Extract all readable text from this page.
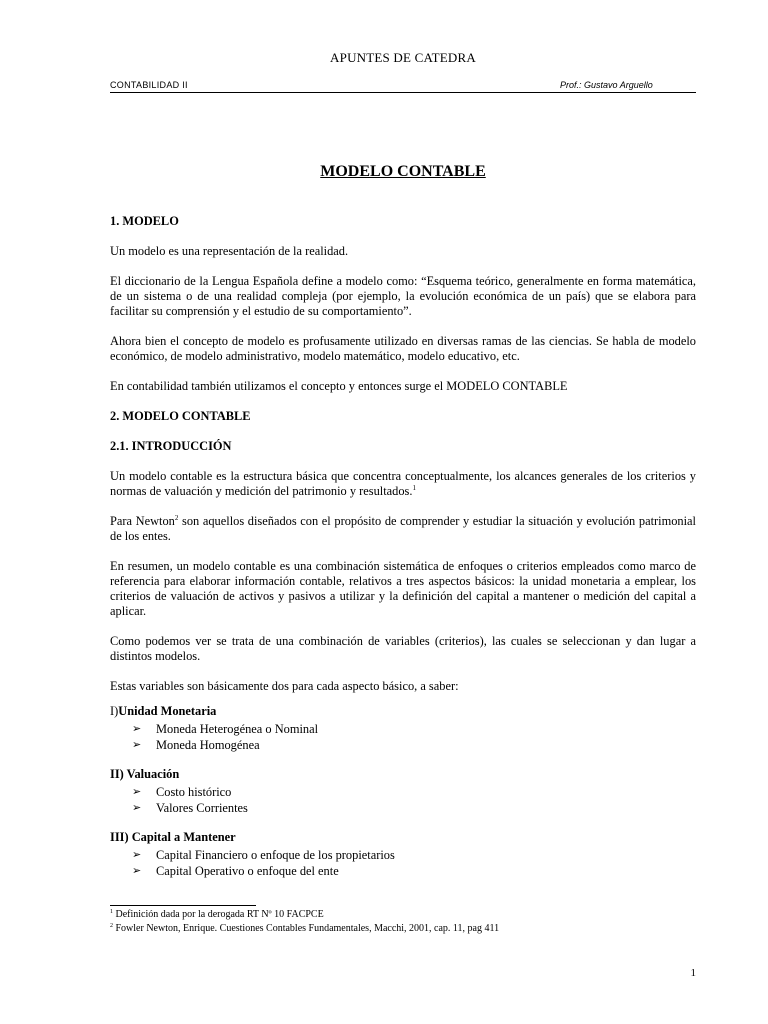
APUNTES DE CATEDRA
CONTABILIDAD II	Prof.: Gustavo Arguello
MODELO CONTABLE
1. MODELO

Un modelo es una representación de la realidad.

El diccionario de la Lengua Española define a modelo como: “Esquema teórico, generalmente en forma matemática, de un sistema o de una realidad compleja (por ejemplo, la evolución económica de un país) que se elabora para facilitar su comprensión y el estudio de su comportamiento”.

Ahora bien el concepto de modelo es profusamente utilizado en diversas ramas de las ciencias. Se habla de modelo económico, de modelo administrativo, modelo matemático, modelo educativo, etc.

En contabilidad también utilizamos el concepto y entonces surge el MODELO CONTABLE

2. MODELO CONTABLE
2.1. INTRODUCCIÓN

Un modelo contable es la estructura básica que concentra conceptualmente, los alcances generales de los criterios y normas de valuación y medición del patrimonio y resultados.$^1$

Para Newton$^2$ son aquellos diseñados con el propósito de comprender y estudiar la situación y evolución patrimonial de los entes.

En resumen, un modelo contable es una combinación sistemática de enfoques o criterios empleados como marco de referencia para elaborar información contable, relativos a tres aspectos básicos: la unidad monetaria a emplear, los criterios de valuación de activos y pasivos a utilizar y la definición del capital a mantener o medición del capital a aplicar.

Como podemos ver se trata de una combinación de variables (criterios), las cuales se seleccionan y dan lugar a distintos modelos.

Estas variables son básicamente dos para cada aspecto básico, a saber:

I)Unidad Monetaria
➢ Moneda Heterogénea o Nominal
➢ Moneda Homogénea
II) Valuación
➢ Costo histórico
➢ Valores Corrientes
III) Capital a Mantener
➢ Capital Financiero o enfoque de los propietarios
➢ Capital Operativo o enfoque del ente
$^1$ Definición dada por la derogada RT Nº 10 FACPCE
$^2$ Fowler Newton, Enrique. Cuestiones Contables Fundamentales, Macchi, 2001, cap. 11, pag 411
1
